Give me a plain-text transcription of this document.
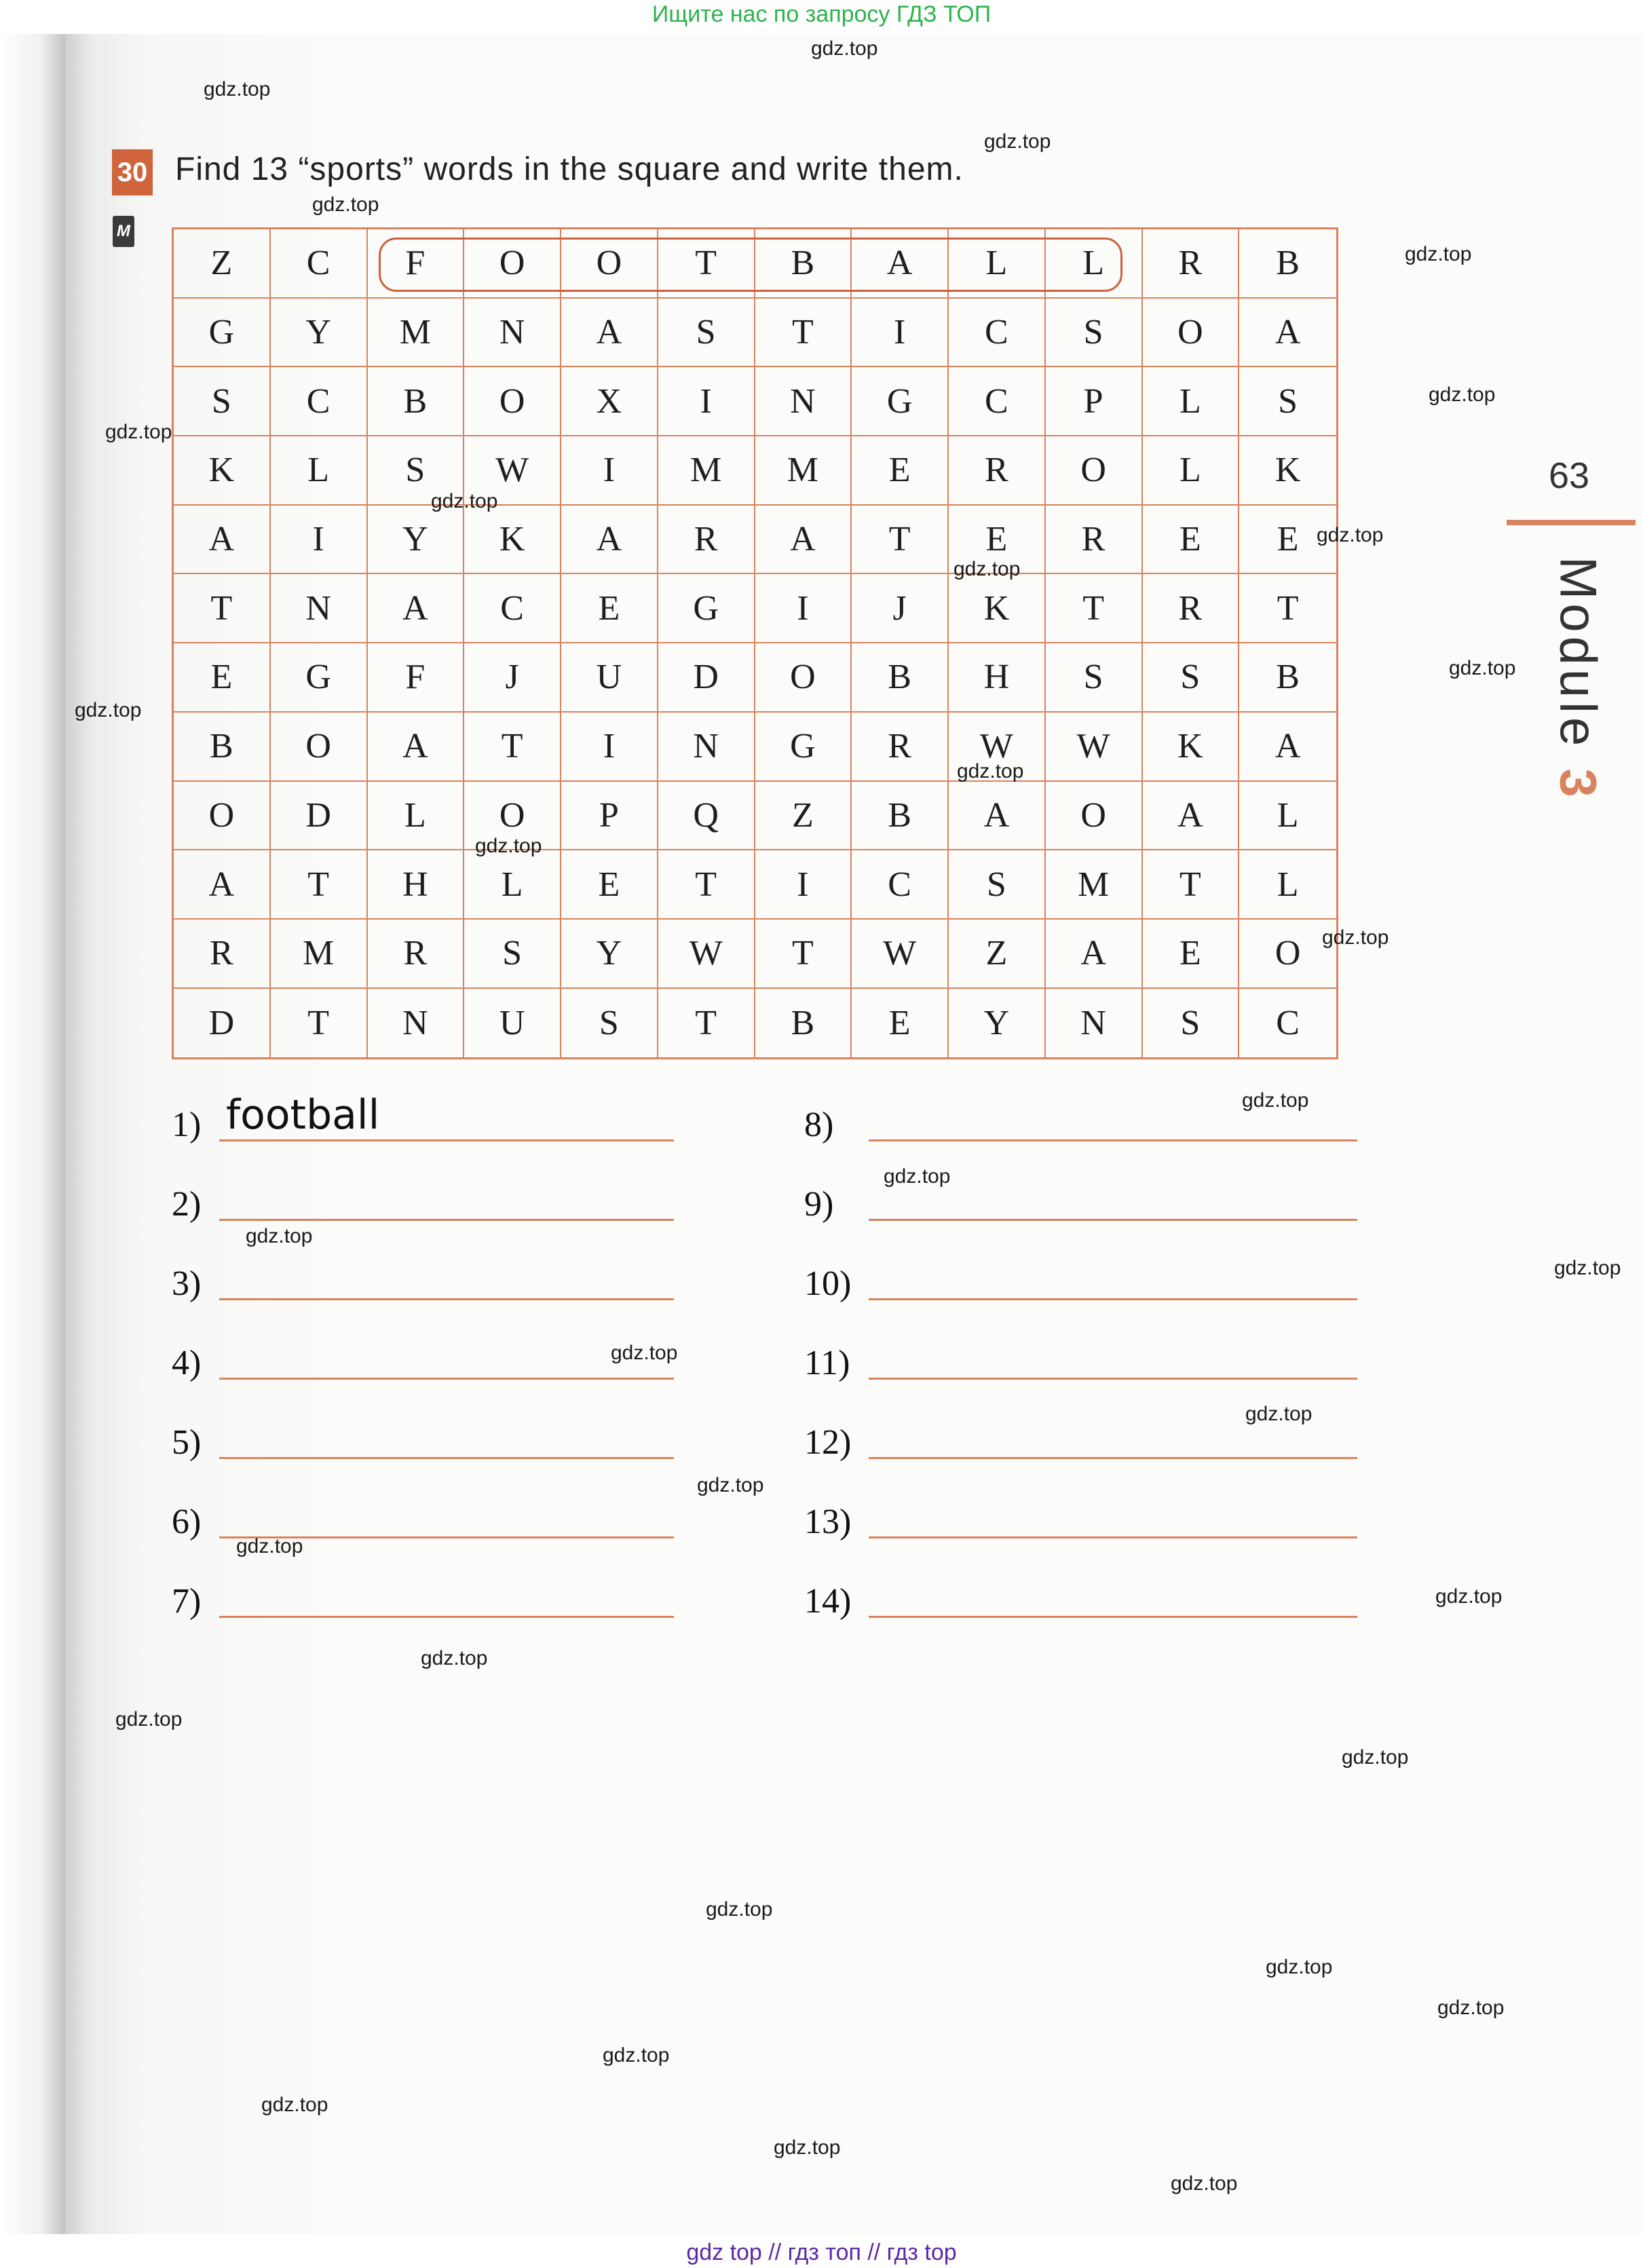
Ищите нас по запросу ГДЗ ТОП
30
M
Find 13 “sports” words in the square and write them.
Z	C	F	O	O	T	B	A	L	L	R	B
G	Y	M	N	A	S	T	I	C	S	O	A
S	C	B	O	X	I	N	G	C	P	L	S
K	L	S	W	I	M	M	E	R	O	L	K
A	I	Y	K	A	R	A	T	E	R	E	E
T	N	A	C	E	G	I	J	K	T	R	T
E	G	F	J	U	D	O	B	H	S	S	B
B	O	A	T	I	N	G	R	W	W	K	A
O	D	L	O	P	Q	Z	B	A	O	A	L
A	T	H	L	E	T	I	C	S	M	T	L
R	M	R	S	Y	W	T	W	Z	A	E	O
D	T	N	U	S	T	B	E	Y	N	S	C
1) football
2)
3)
4)
5)
6)
7)
8)
9)
10)
11)
12)
13)
14)
63
Module 3
gdz.top
gdz.top
gdz.top
gdz.top
gdz.top
gdz.top
gdz.top
gdz.top
gdz.top
gdz.top
gdz.top
gdz.top
gdz.top
gdz.top
gdz.top
gdz.top
gdz.top
gdz.top
gdz.top
gdz.top
gdz.top
gdz.top
gdz.top
gdz.top
gdz.top
gdz.top
gdz.top
gdz.top
gdz.top
gdz.top
gdz.top
gdz.top
gdz.top
gdz.top
gdz top // гдз топ // гдз top
